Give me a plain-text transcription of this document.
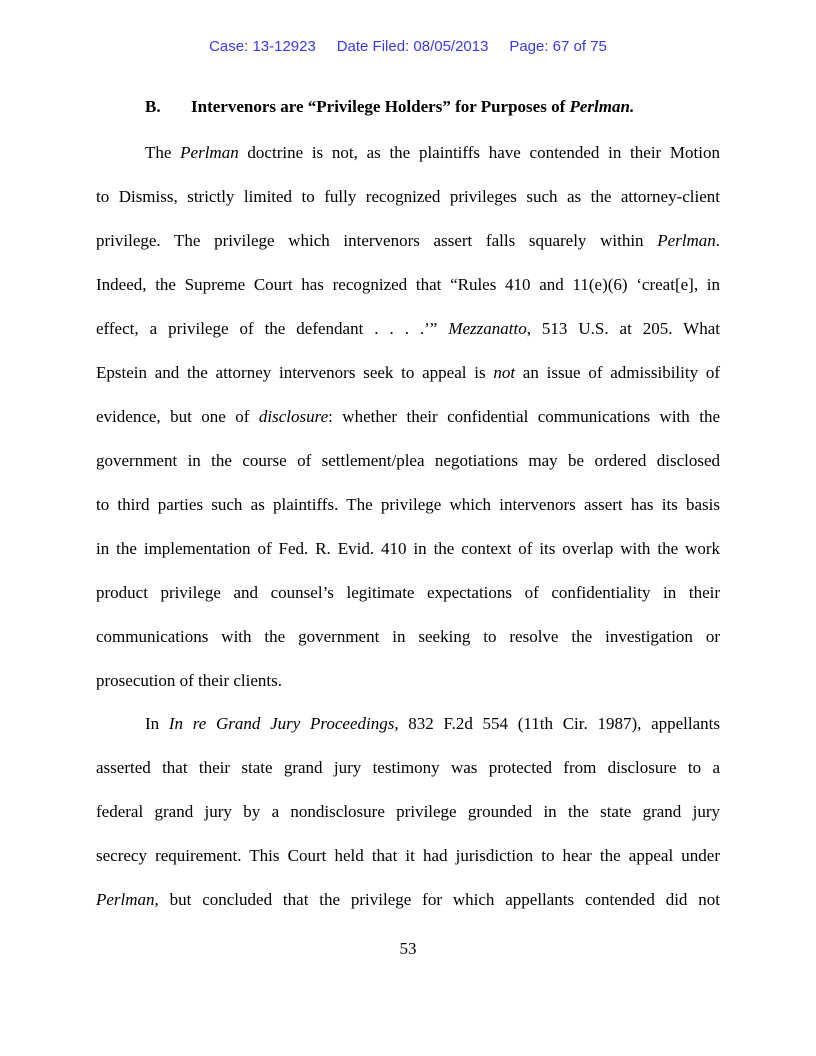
Case: 13-12923 Date Filed: 08/05/2013 Page: 67 of 75
B. Intervenors are “Privilege Holders” for Purposes of Perlman.
The Perlman doctrine is not, as the plaintiffs have contended in their Motion
to Dismiss, strictly limited to fully recognized privileges such as the attorney-client
privilege. The privilege which intervenors assert falls squarely within Perlman.
Indeed, the Supreme Court has recognized that “Rules 410 and 11(e)(6) ‘creat[e], in
effect, a privilege of the defendant . . . .’” Mezzanatto, 513 U.S. at 205. What
Epstein and the attorney intervenors seek to appeal is not an issue of admissibility of
evidence, but one of disclosure: whether their confidential communications with the
government in the course of settlement/plea negotiations may be ordered disclosed
to third parties such as plaintiffs. The privilege which intervenors assert has its basis
in the implementation of Fed. R. Evid. 410 in the context of its overlap with the work
product privilege and counsel’s legitimate expectations of confidentiality in their
communications with the government in seeking to resolve the investigation or
prosecution of their clients.
In In re Grand Jury Proceedings, 832 F.2d 554 (11th Cir. 1987), appellants
asserted that their state grand jury testimony was protected from disclosure to a
federal grand jury by a nondisclosure privilege grounded in the state grand jury
secrecy requirement. This Court held that it had jurisdiction to hear the appeal under
Perlman, but concluded that the privilege for which appellants contended did not
53
